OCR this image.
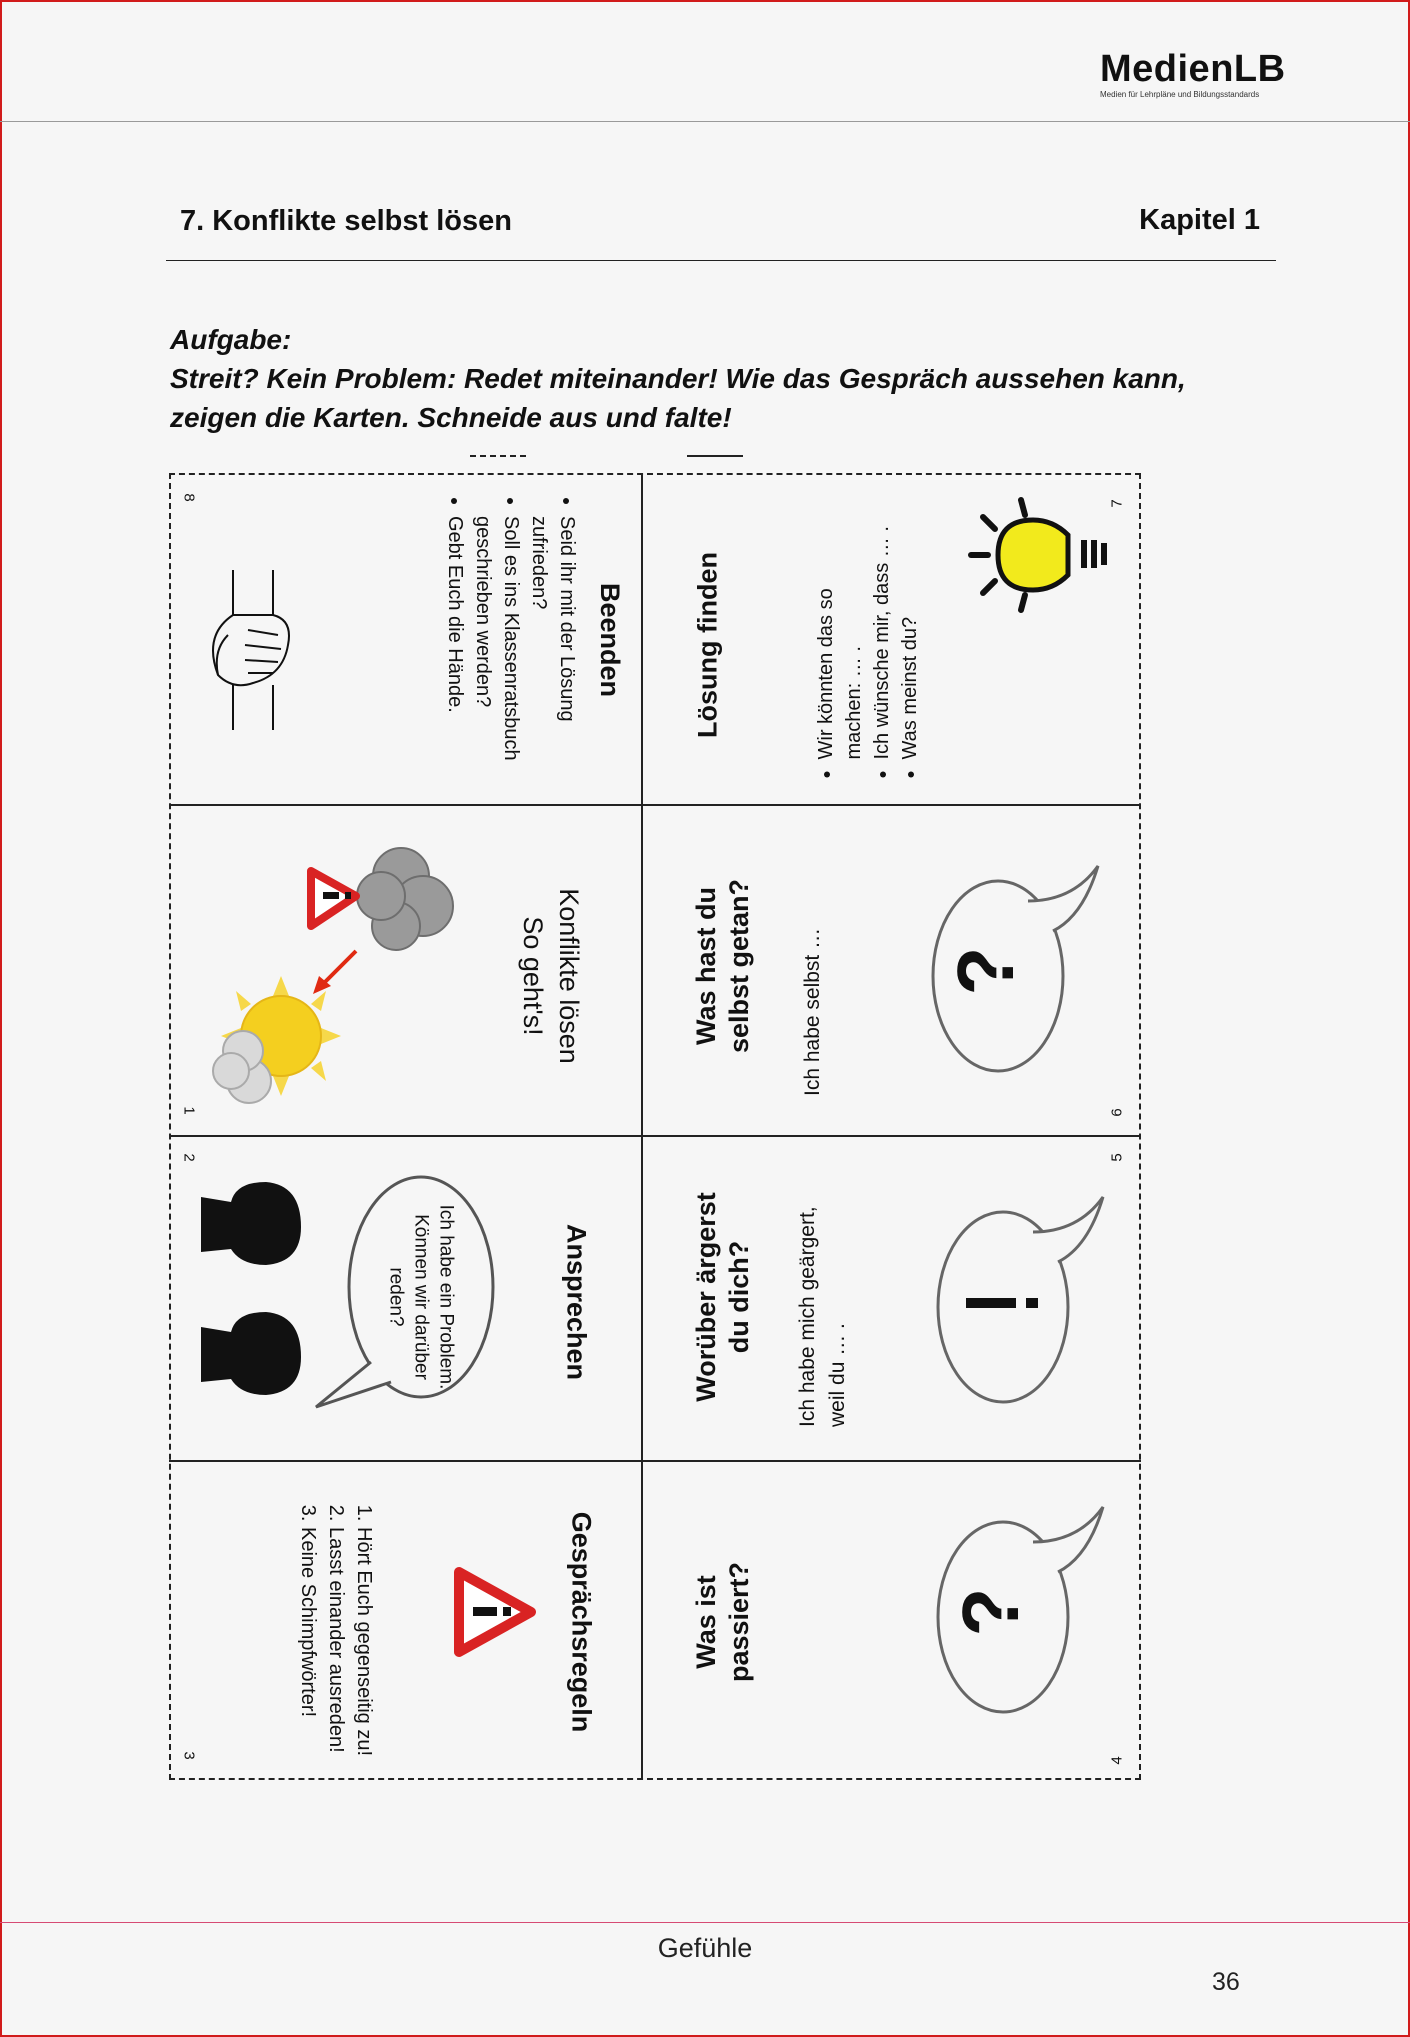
MedienLB
Medien für Lehrpläne und Bildungsstandards
7. Konflikte selbst lösen	Kapitel 1
Aufgabe:
Streit? Kein Problem: Redet miteinander! Wie das Gespräch aussehen kann,
zeigen die Karten. Schneide aus und falte!
8
Beenden
• Seid ihr mit der Lösung zufrieden?
• Soll es ins Klassenratsbuch geschrieben werden?
• Gebt Euch die Hände.
1
Konflikte lösen
So geht's!
2
Ansprechen
Ich habe ein Problem. Können wir darüber reden?
3
Gesprächsregeln
1. Hört Euch gegenseitig zu!
2. Lasst einander ausreden!
3. Keine Schimpfwörter!
7
Lösung finden	• Wir könnten das so machen: … . • Ich wünsche mir, dass … . • Was meinst du?
6
Was hast du selbst getan? Ich habe selbst … ?
5
Worüber ärgerst du dich? Ich habe mich geärgert, weil du … .
4
Was ist passiert? ?
Gefühle
36
